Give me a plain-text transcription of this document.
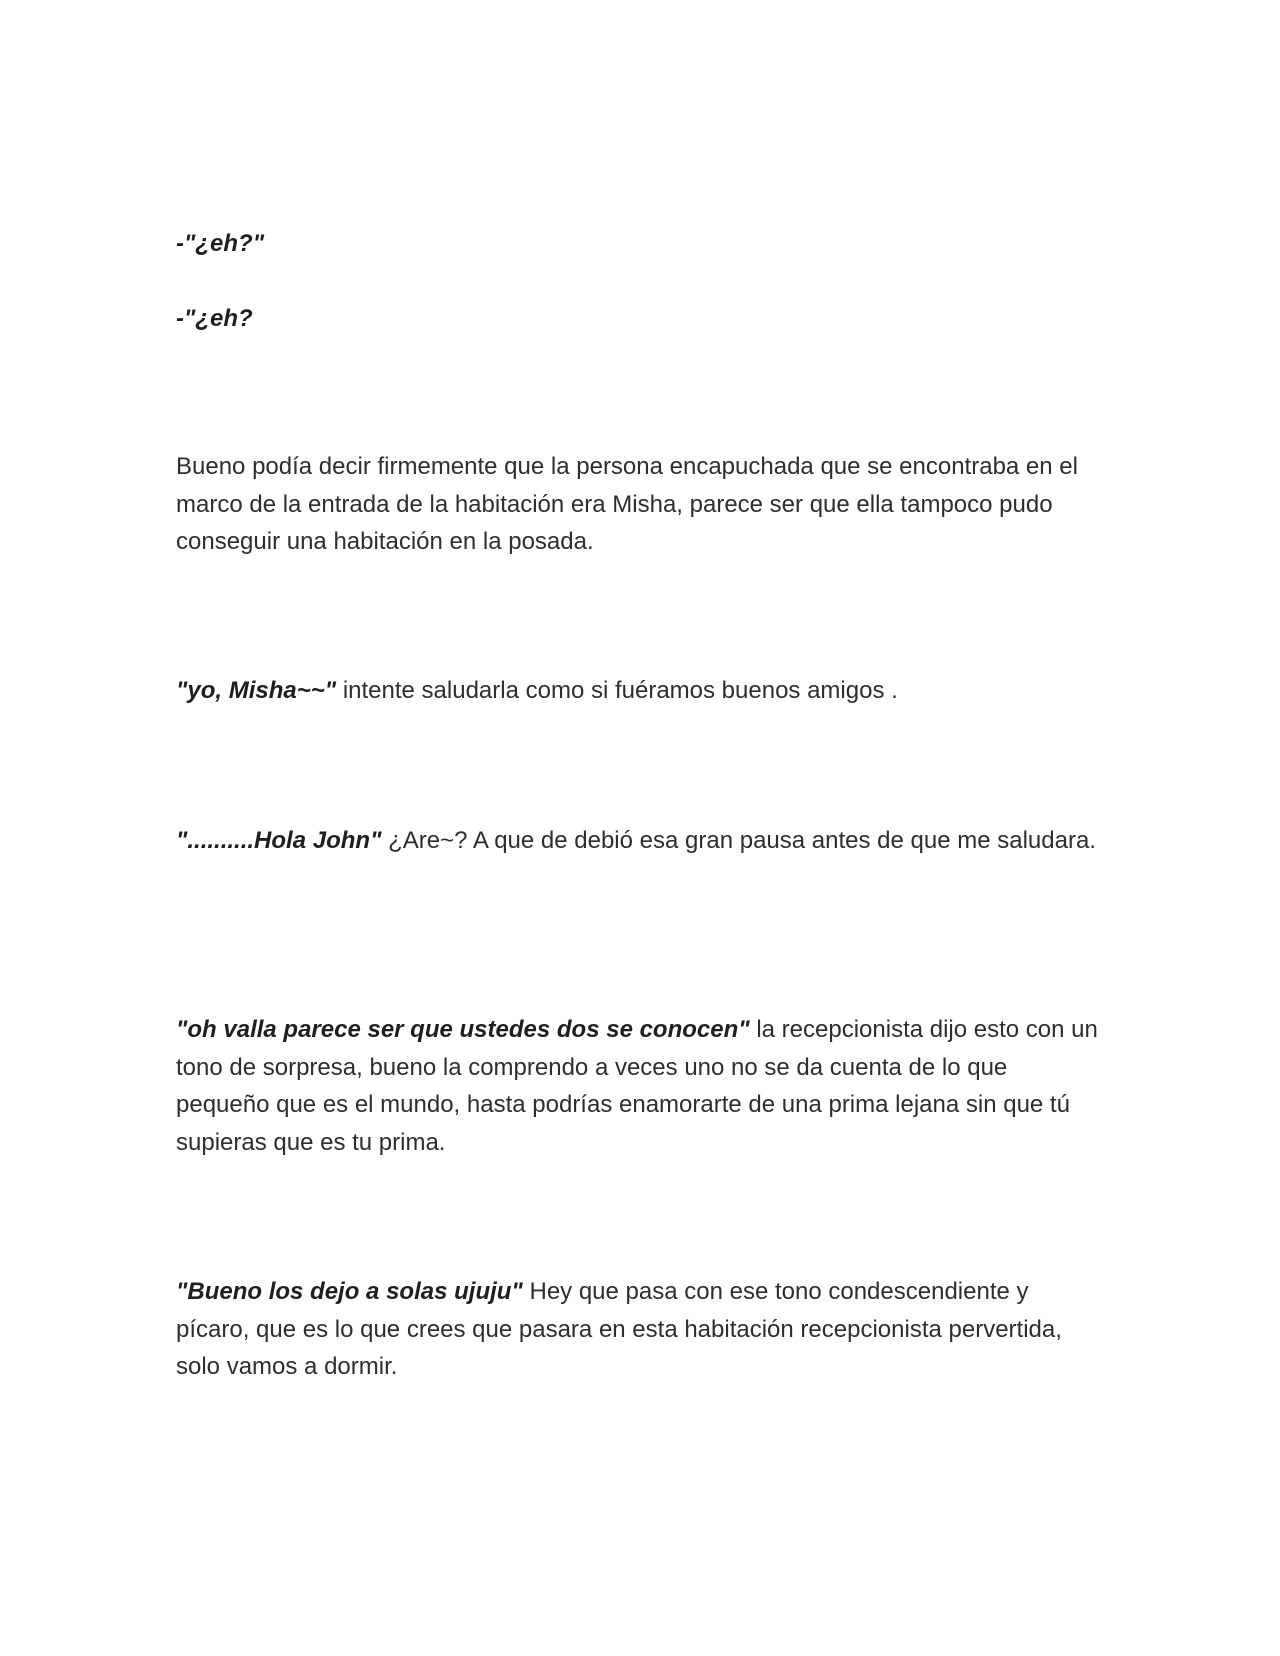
-"¿eh?"

-"¿eh?

Bueno podía decir firmemente que la persona encapuchada que se encontraba en el marco de la entrada de la habitación era Misha, parece ser que ella tampoco pudo conseguir una habitación en la posada.

"yo, Misha~~" intente saludarla como si fuéramos buenos amigos .

"..........Hola John" ¿Are~? A que de debió esa gran pausa antes de que me saludara.

"oh valla parece ser que ustedes dos se conocen" la recepcionista dijo esto con un tono de sorpresa, bueno la comprendo a veces uno no se da cuenta de lo que pequeño que es el mundo, hasta podrías enamorarte de una prima lejana sin que tú supieras que es tu prima.

"Bueno los dejo a solas ujuju" Hey que pasa con ese tono condescendiente y pícaro, que es lo que crees que pasara en esta habitación recepcionista pervertida, solo vamos a dormir.
